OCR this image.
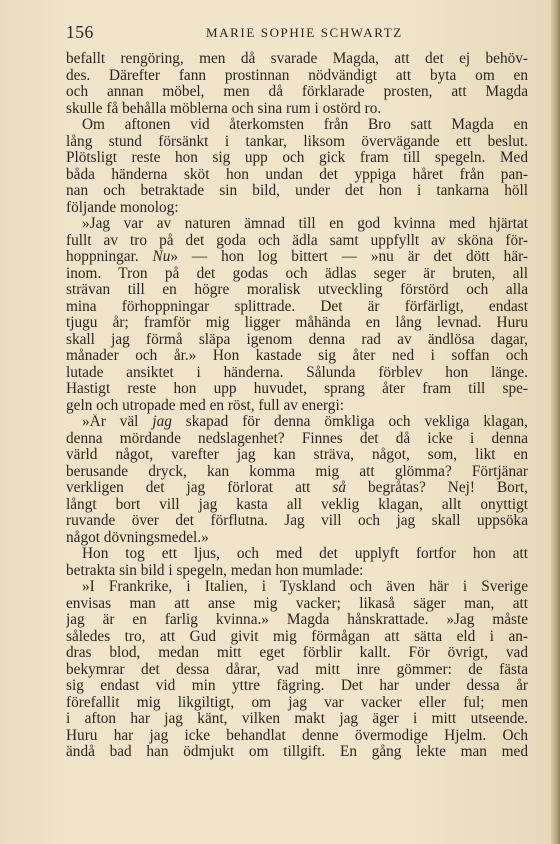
156	MARIE SOPHIE SCHWARTZ
befallt rengöring, men då svarade Magda, att det ej behöv-
des. Därefter fann prostinnan nödvändigt att byta om en
och annan möbel, men då förklarade prosten, att Magda
skulle få behålla möblerna och sina rum i ostörd ro.
Om aftonen vid återkomsten från Bro satt Magda en
lång stund försänkt i tankar, liksom övervägande ett beslut.
Plötsligt reste hon sig upp och gick fram till spegeln. Med
båda händerna sköt hon undan det yppiga håret från pan-
nan och betraktade sin bild, under det hon i tankarna höll
följande monolog:
»Jag var av naturen ämnad till en god kvinna med hjärtat
fullt av tro på det goda och ädla samt uppfyllt av sköna för-
hoppningar. Nu» — hon log bittert — »nu är det dött här-
inom. Tron på det godas och ädlas seger är bruten, all
strävan till en högre moralisk utveckling förstörd och alla
mina förhoppningar splittrade. Det är förfärligt, endast
tjugu år; framför mig ligger måhända en lång levnad. Huru
skall jag förmå släpa igenom denna rad av ändlösa dagar,
månader och år.» Hon kastade sig åter ned i soffan och
lutade ansiktet i händerna. Sålunda förblev hon länge.
Hastigt reste hon upp huvudet, sprang åter fram till spe-
geln och utropade med en röst, full av energi:
»Är väl jag skapad för denna ömkliga och vekliga klagan,
denna mördande nedslagenhet? Finnes det då icke i denna
värld något, varefter jag kan sträva, något, som, likt en
berusande dryck, kan komma mig att glömma? Förtjänar
verkligen det jag förlorat att så begråtas? Nej! Bort,
långt bort vill jag kasta all veklig klagan, allt onyttigt
ruvande över det förflutna. Jag vill och jag skall uppsöka
något dövningsmedel.»
Hon tog ett ljus, och med det upplyft fortfor hon att
betrakta sin bild i spegeln, medan hon mumlade:
»I Frankrike, i Italien, i Tyskland och även här i Sverige
envisas man att anse mig vacker; likaså säger man, att
jag är en farlig kvinna.» Magda hånskrattade. »Jag måste
således tro, att Gud givit mig förmågan att sätta eld i an-
dras blod, medan mitt eget förblir kallt. För övrigt, vad
bekymrar det dessa dårar, vad mitt inre gömmer: de fästa
sig endast vid min yttre fägring. Det har under dessa år
förefallit mig likgiltigt, om jag var vacker eller ful; men
i afton har jag känt, vilken makt jag äger i mitt utseende.
Huru har jag icke behandlat denne övermodige Hjelm. Och
ändå bad han ödmjukt om tillgift. En gång lekte man med
